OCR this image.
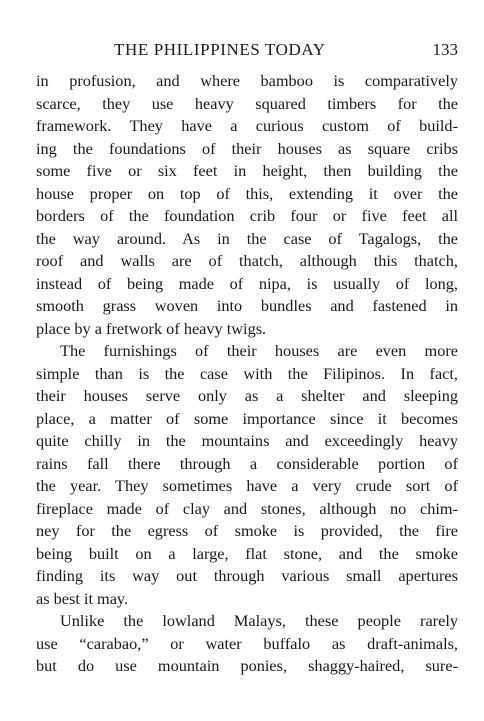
THE PHILIPPINES TODAY	133

in profusion, and where bamboo is comparatively
scarce, they use heavy squared timbers for the
framework. They have a curious custom of build-
ing the foundations of their houses as square cribs
some five or six feet in height, then building the
house proper on top of this, extending it over the
borders of the foundation crib four or five feet all
the way around. As in the case of Tagalogs, the
roof and walls are of thatch, although this thatch,
instead of being made of nipa, is usually of long,
smooth grass woven into bundles and fastened in
place by a fretwork of heavy twigs.

The furnishings of their houses are even more
simple than is the case with the Filipinos. In fact,
their houses serve only as a shelter and sleeping
place, a matter of some importance since it becomes
quite chilly in the mountains and exceedingly heavy
rains fall there through a considerable portion of
the year. They sometimes have a very crude sort of
fireplace made of clay and stones, although no chim-
ney for the egress of smoke is provided, the fire
being built on a large, flat stone, and the smoke
finding its way out through various small apertures
as best it may.

Unlike the lowland Malays, these people rarely
use “carabao,” or water buffalo as draft-animals,
but do use mountain ponies, shaggy-haired, sure-
